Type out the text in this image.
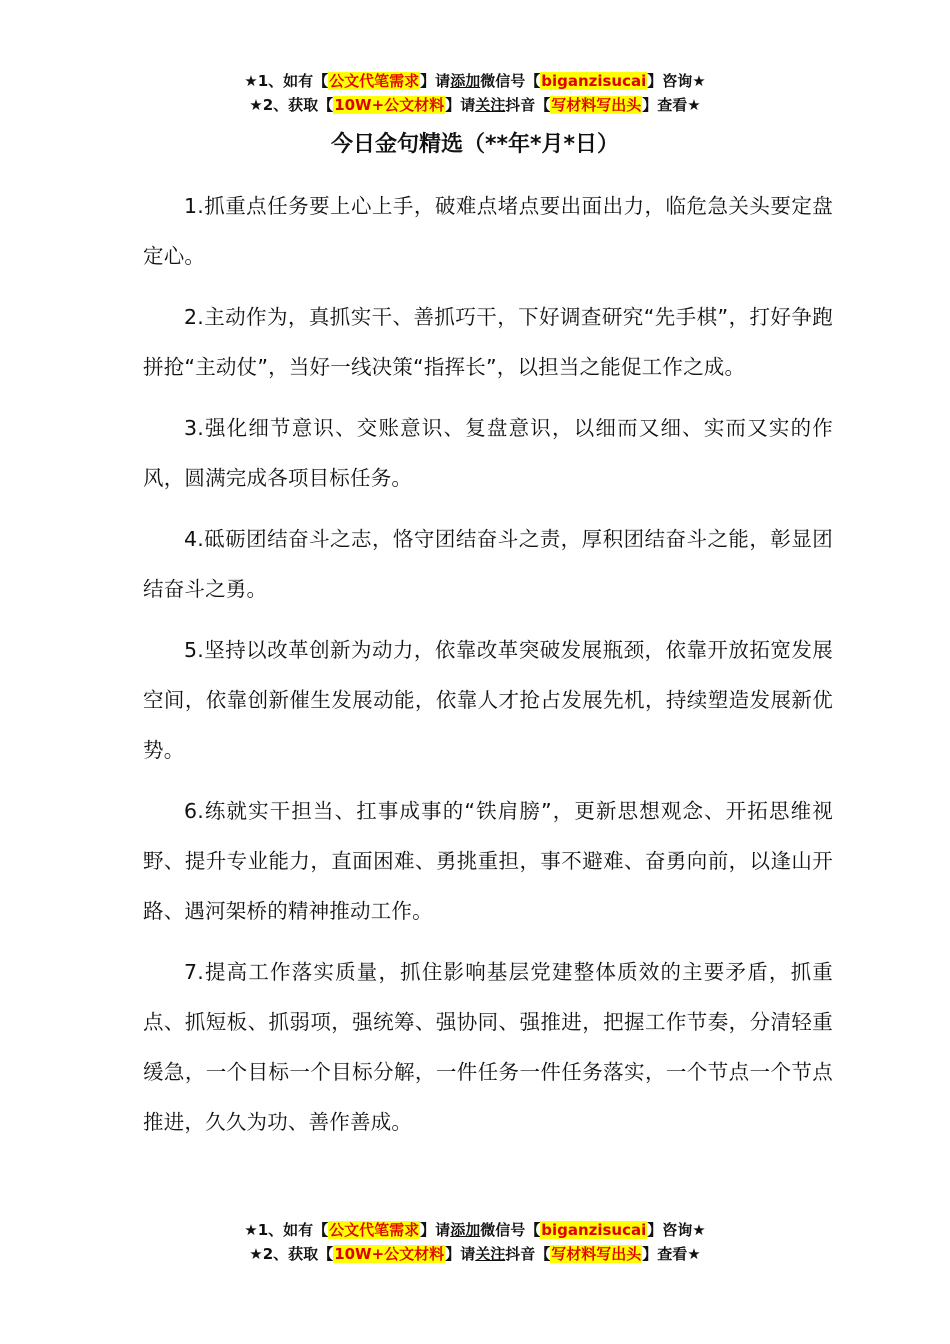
★1、如有【公文代笔需求】请添加微信号【biganzisucai】咨询★
★2、获取【10W+公文材料】请关注抖音【写材料写出头】查看★
今日金句精选（**年*月*日）

1.抓重点任务要上心上手，破难点堵点要出面出力，临危急关头要定盘定心。

2.主动作为，真抓实干、善抓巧干，下好调查研究“先手棋”，打好争跑拼抢“主动仗”，当好一线决策“指挥长”，以担当之能促工作之成。

3.强化细节意识、交账意识、复盘意识，以细而又细、实而又实的作风，圆满完成各项目标任务。

4.砥砺团结奋斗之志，恪守团结奋斗之责，厚积团结奋斗之能，彰显团结奋斗之勇。

5.坚持以改革创新为动力，依靠改革突破发展瓶颈，依靠开放拓宽发展空间，依靠创新催生发展动能，依靠人才抢占发展先机，持续塑造发展新优势。

6.练就实干担当、扛事成事的“铁肩膀”，更新思想观念、开拓思维视野、提升专业能力，直面困难、勇挑重担，事不避难、奋勇向前，以逢山开路、遇河架桥的精神推动工作。

7.提高工作落实质量，抓住影响基层党建整体质效的主要矛盾，抓重点、抓短板、抓弱项，强统筹、强协同、强推进，把握工作节奏，分清轻重缓急，一个目标一个目标分解，一件任务一件任务落实，一个节点一个节点推进，久久为功、善作善成。

★1、如有【公文代笔需求】请添加微信号【biganzisucai】咨询★
★2、获取【10W+公文材料】请关注抖音【写材料写出头】查看★
